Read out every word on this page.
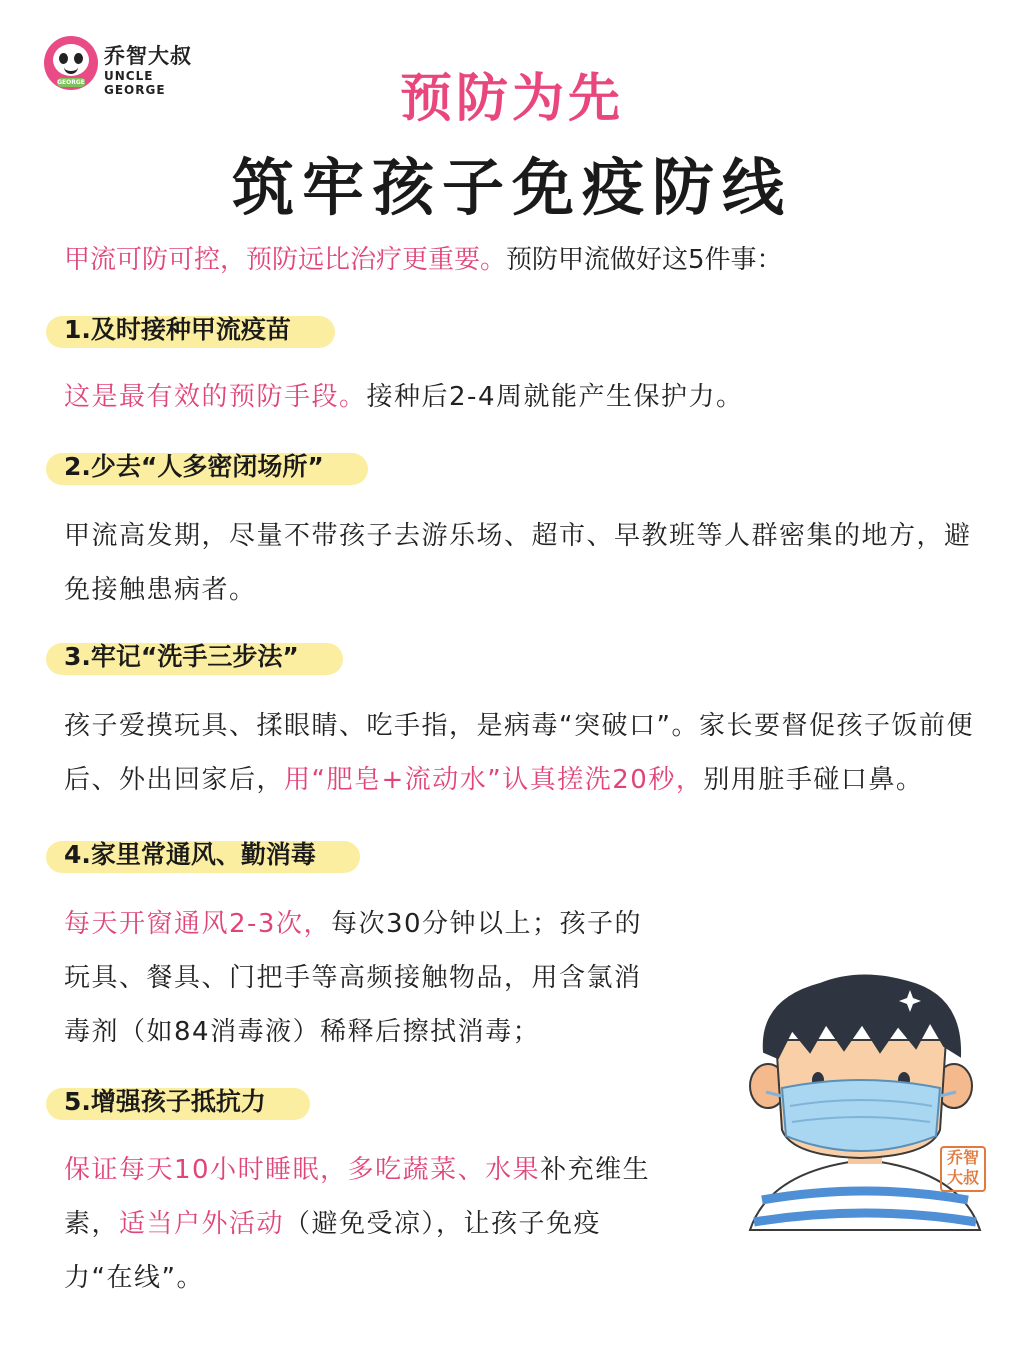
GEORGE
乔智大叔
UNCLE GEORGE	预防为先
筑牢孩子免疫防线
甲流可防可控，预防远比治疗更重要。预防甲流做好这5件事：
1.及时接种甲流疫苗
这是最有效的预防手段。接种后2-4周就能产生保护力。
2.少去“人多密闭场所”
甲流高发期，尽量不带孩子去游乐场、超市、早教班等人群密集的地方，避免接触患病者。
3.牢记“洗手三步法”
孩子爱摸玩具、揉眼睛、吃手指，是病毒“突破口”。家长要督促孩子饭前便后、外出回家后，用“肥皂+流动水”认真搓洗20秒，别用脏手碰口鼻。
4.家里常通风、勤消毒
每天开窗通风2-3次，每次30分钟以上；孩子的玩具、餐具、门把手等高频接触物品，用含氯消毒剂（如84消毒液）稀释后擦拭消毒；
5.增强孩子抵抗力
保证每天10小时睡眠，多吃蔬菜、水果补充维生素，适当户外活动（避免受凉），让孩子免疫力“在线”。
乔智
大叔
